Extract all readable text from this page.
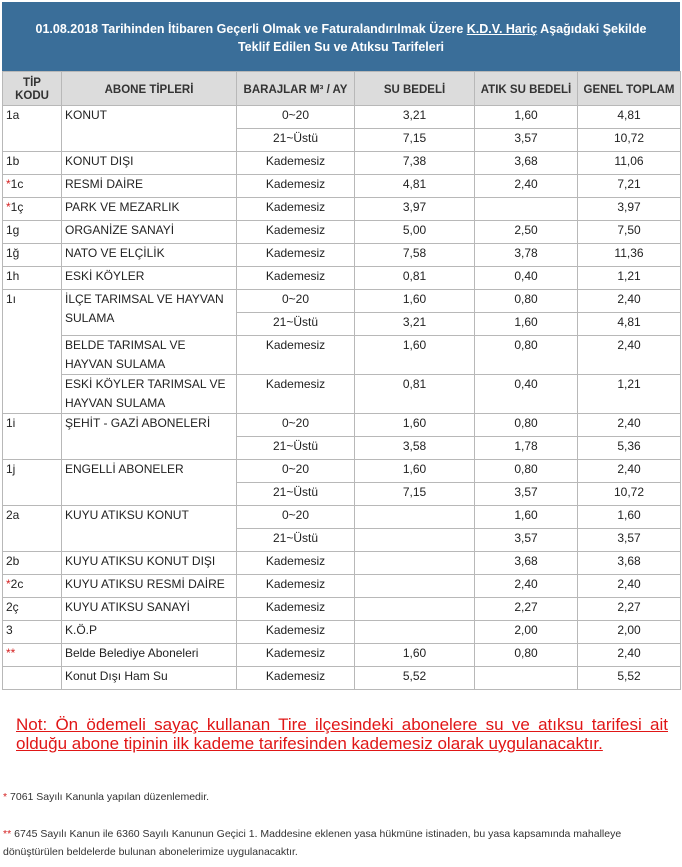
01.08.2018 Tarihinden İtibaren Geçerli Olmak ve Faturalandırılmak Üzere K.D.V. Hariç Aşağıdaki Şekilde
Teklif Edilen Su ve Atıksu Tarifeleri
TİP KODU	ABONE TİPLERİ	BARAJLAR M³ / AY	SU BEDELİ	ATIK SU BEDELİ	GENEL TOPLAM
1a	KONUT	0~20	3,21	1,60	4,81
		21~Üstü	7,15	3,57	10,72
1b	KONUT DIŞI	Kademesiz	7,38	3,68	11,06
*1c	RESMİ DAİRE	Kademesiz	4,81	2,40	7,21
*1ç	PARK VE MEZARLIK	Kademesiz	3,97		3,97
1g	ORGANİZE SANAYİ	Kademesiz	5,00	2,50	7,50
1ğ	NATO VE ELÇİLİK	Kademesiz	7,58	3,78	11,36
1h	ESKİ KÖYLER	Kademesiz	0,81	0,40	1,21
1ı	İLÇE TARIMSAL VE HAYVAN SULAMA	0~20	1,60	0,80	2,40
		21~Üstü	3,21	1,60	4,81
	BELDE TARIMSAL VE HAYVAN SULAMA	Kademesiz	1,60	0,80	2,40
	ESKİ KÖYLER TARIMSAL VE HAYVAN SULAMA	Kademesiz	0,81	0,40	1,21
1i	ŞEHİT - GAZİ ABONELERİ	0~20	1,60	0,80	2,40
		21~Üstü	3,58	1,78	5,36
1j	ENGELLİ ABONELER	0~20	1,60	0,80	2,40
		21~Üstü	7,15	3,57	10,72
2a	KUYU ATIKSU KONUT	0~20		1,60	1,60
		21~Üstü		3,57	3,57
2b	KUYU ATIKSU KONUT DIŞI	Kademesiz		3,68	3,68
*2c	KUYU ATIKSU RESMİ DAİRE	Kademesiz		2,40	2,40
2ç	KUYU ATIKSU SANAYİ	Kademesiz		2,27	2,27
3	K.Ö.P	Kademesiz		2,00	2,00
**	Belde Belediye Aboneleri	Kademesiz	1,60	0,80	2,40
	Konut Dışı Ham Su	Kademesiz	5,52		5,52
Not: Ön ödemeli sayaç kullanan Tire ilçesindeki abonelere su ve atıksu tarifesi ait olduğu abone tipinin ilk kademe tarifesinden kademesiz olarak uygulanacaktır.
* 7061 Sayılı Kanunla yapılan düzenlemedir.
** 6745 Sayılı Kanun ile 6360 Sayılı Kanunun Geçici 1. Maddesine eklenen yasa hükmüne istinaden, bu yasa kapsamında mahalleye dönüştürülen beldelerde bulunan abonelerimize uygulanacaktır.
